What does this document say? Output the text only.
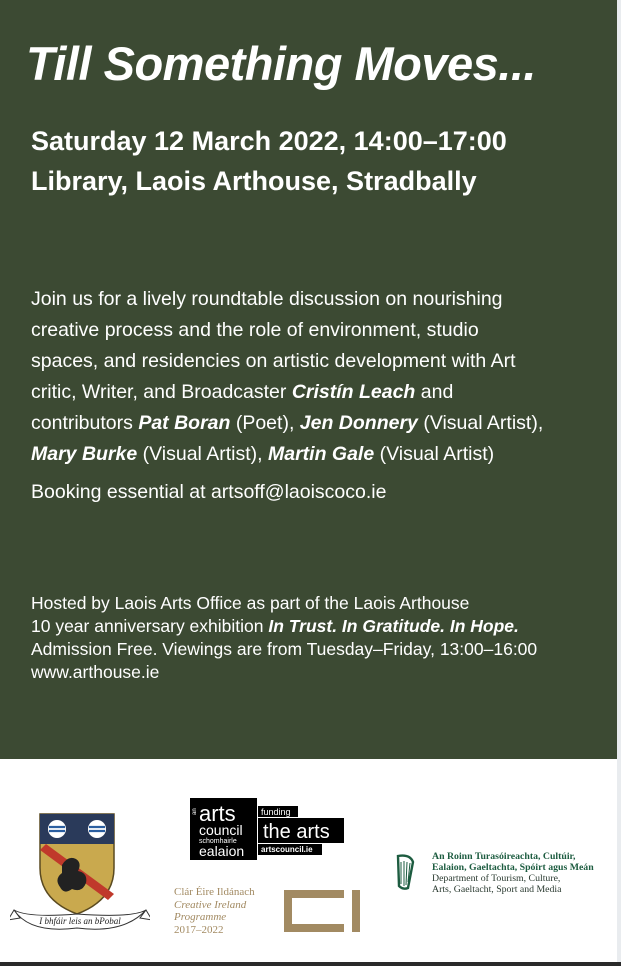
Till Something Moves...
Saturday 12 March 2022, 14:00–17:00
Library, Laois Arthouse, Stradbally
Join us for a lively roundtable discussion on nourishing
creative process and the role of environment, studio
spaces, and residencies on artistic development with Art
critic, Writer, and Broadcaster Cristín Leach and
contributors Pat Boran (Poet), Jen Donnery (Visual Artist),
Mary Burke (Visual Artist), Martin Gale (Visual Artist)
Booking essential at artsoff@laoiscoco.ie
Hosted by Laois Arts Office as part of the Laois Arthouse
10 year anniversary exhibition In Trust. In Gratitude. In Hope.
Admission Free. Viewings are from Tuesday–Friday, 13:00–16:00
www.arthouse.ie
I bhfáir leis an bPobal
arts
an
council
schomhairle
ealaion
funding
the arts
artscouncil.ie
Clár Éire Ildánach
Creative Ireland
Programme
2017–2022
An Roinn Turasóireachta, Cultúir,
Ealaion, Gaeltachta, Spóirt agus Meán
Department of Tourism, Culture,
Arts, Gaeltacht, Sport and Media
